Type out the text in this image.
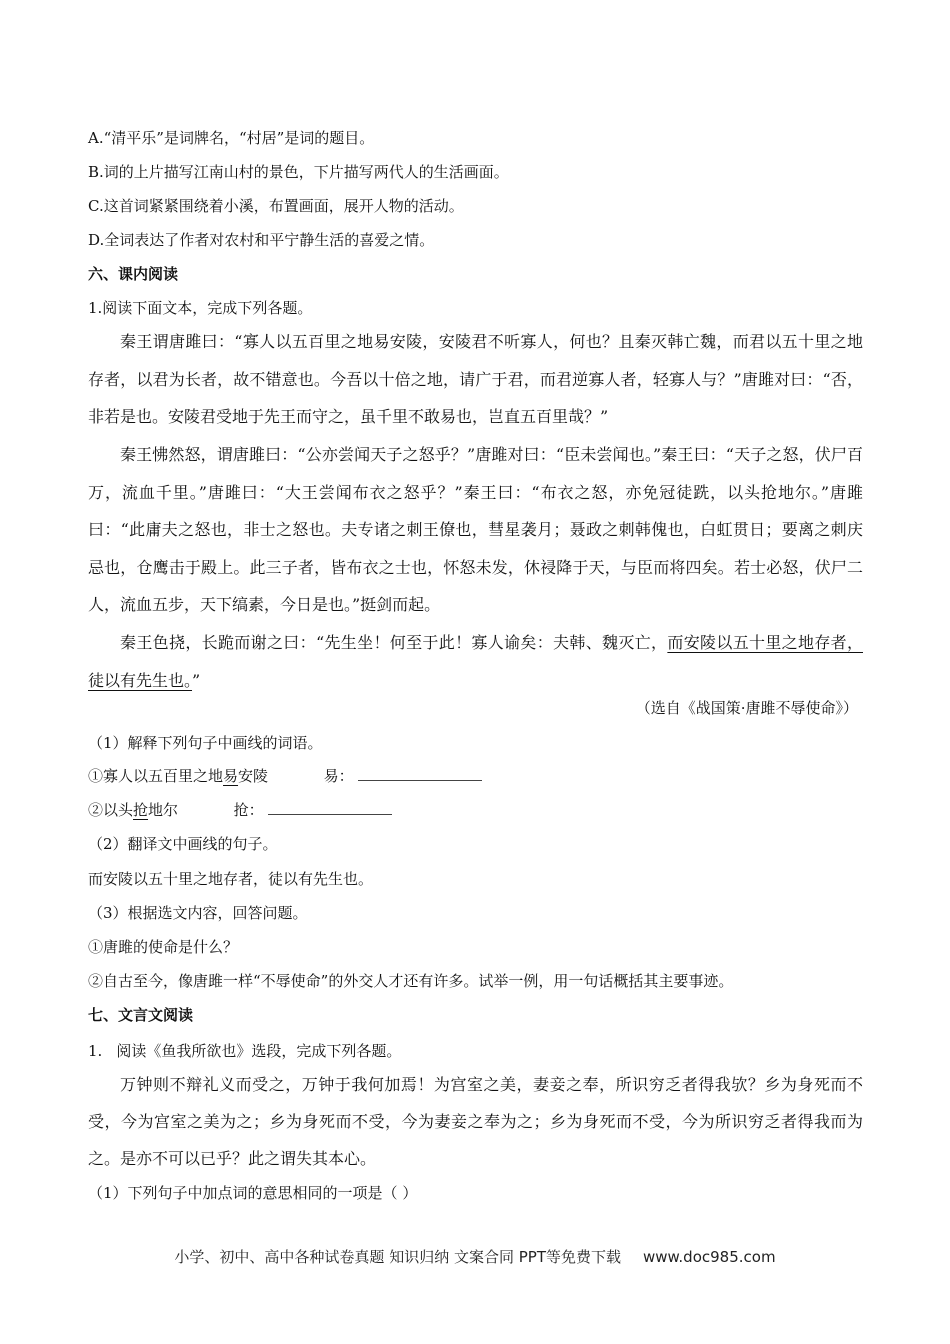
A.“清平乐”是词牌名，“村居”是词的题目。
B.词的上片描写江南山村的景色，下片描写两代人的生活画面。
C.这首词紧紧围绕着小溪，布置画面，展开人物的活动。
D.全词表达了作者对农村和平宁静生活的喜爱之情。
六、课内阅读
1.阅读下面文本，完成下列各题。
秦王谓唐雎曰：“寡人以五百里之地易安陵，安陵君不听寡人，何也？且秦灭韩亡魏，而君以五十里之地存者，以君为长者，故不错意也。今吾以十倍之地，请广于君，而君逆寡人者，轻寡人与？”唐雎对曰：“否，非若是也。安陵君受地于先王而守之，虽千里不敢易也，岂直五百里哉？”
秦王怫然怒，谓唐雎曰：“公亦尝闻天子之怒乎？”唐雎对曰：“臣未尝闻也。”秦王曰：“天子之怒，伏尸百万，流血千里。”唐雎曰：“大王尝闻布衣之怒乎？”秦王曰：“布衣之怒，亦免冠徒跣，以头抢地尔。”唐雎曰：“此庸夫之怒也，非士之怒也。夫专诸之刺王僚也，彗星袭月；聂政之刺韩傀也，白虹贯日；要离之刺庆忌也，仓鹰击于殿上。此三子者，皆布衣之士也，怀怒未发，休祲降于天，与臣而将四矣。若士必怒，伏尸二人，流血五步，天下缟素，今日是也。”挺剑而起。
秦王色挠，长跪而谢之曰：“先生坐！何至于此！寡人谕矣：夫韩、魏灭亡，而安陵以五十里之地存者，徒以有先生也。”
（选自《战国策·唐雎不辱使命》）
（1）解释下列句子中画线的词语。
①寡人以五百里之地易安陵	易：
②以头抢地尔	抢：
（2）翻译文中画线的句子。
而安陵以五十里之地存者，徒以有先生也。
（3）根据选文内容，回答问题。
①唐雎的使命是什么？
②自古至今，像唐雎一样“不辱使命”的外交人才还有许多。试举一例，用一句话概括其主要事迹。
七、文言文阅读
1. 阅读《鱼我所欲也》选段，完成下列各题。
万钟则不辩礼义而受之，万钟于我何加焉！为宫室之美，妻妾之奉，所识穷乏者得我欤？乡为身死而不受，今为宫室之美为之；乡为身死而不受，今为妻妾之奉为之；乡为身死而不受，今为所识穷乏者得我而为之。是亦不可以已乎？此之谓失其本心。
（1）下列句子中加点词的意思相同的一项是（ ）
小学、初中、高中各种试卷真题 知识归纳 文案合同 PPT等免费下载 www.doc985.com
